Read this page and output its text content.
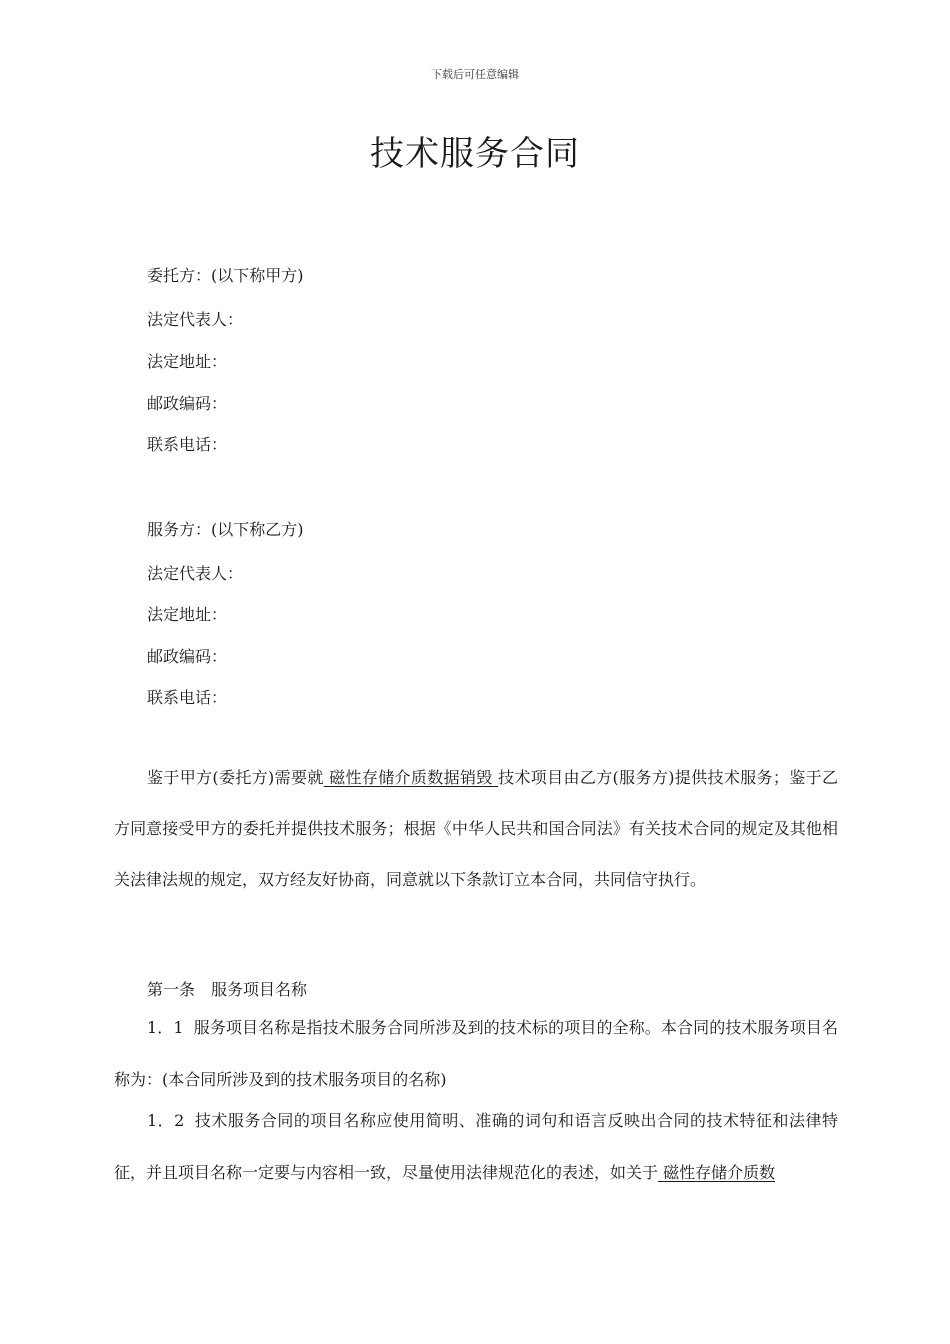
下载后可任意编辑
技术服务合同
委托方：(以下称甲方)
法定代表人：
法定地址：
邮政编码：
联系电话：
服务方：(以下称乙方)
法定代表人：
法定地址：
邮政编码：
联系电话：

鉴于甲方(委托方)需要就 磁性存储介质数据销毁 技术项目由乙方(服务方)提供技术服务；鉴于乙方同意接受甲方的委托并提供技术服务；根据《中华人民共和国合同法》有关技术合同的规定及其他相关法律法规的规定，双方经友好协商，同意就以下条款订立本合同，共同信守执行。

第一条　服务项目名称

1．1 服务项目名称是指技术服务合同所涉及到的技术标的项目的全称。本合同的技术服务项目名称为：(本合同所涉及到的技术服务项目的名称)

1．2 技术服务合同的项目名称应使用简明、准确的词句和语言反映出合同的技术特征和法律特征，并且项目名称一定要与内容相一致，尽量使用法律规范化的表述，如关于 磁性存储介质数
